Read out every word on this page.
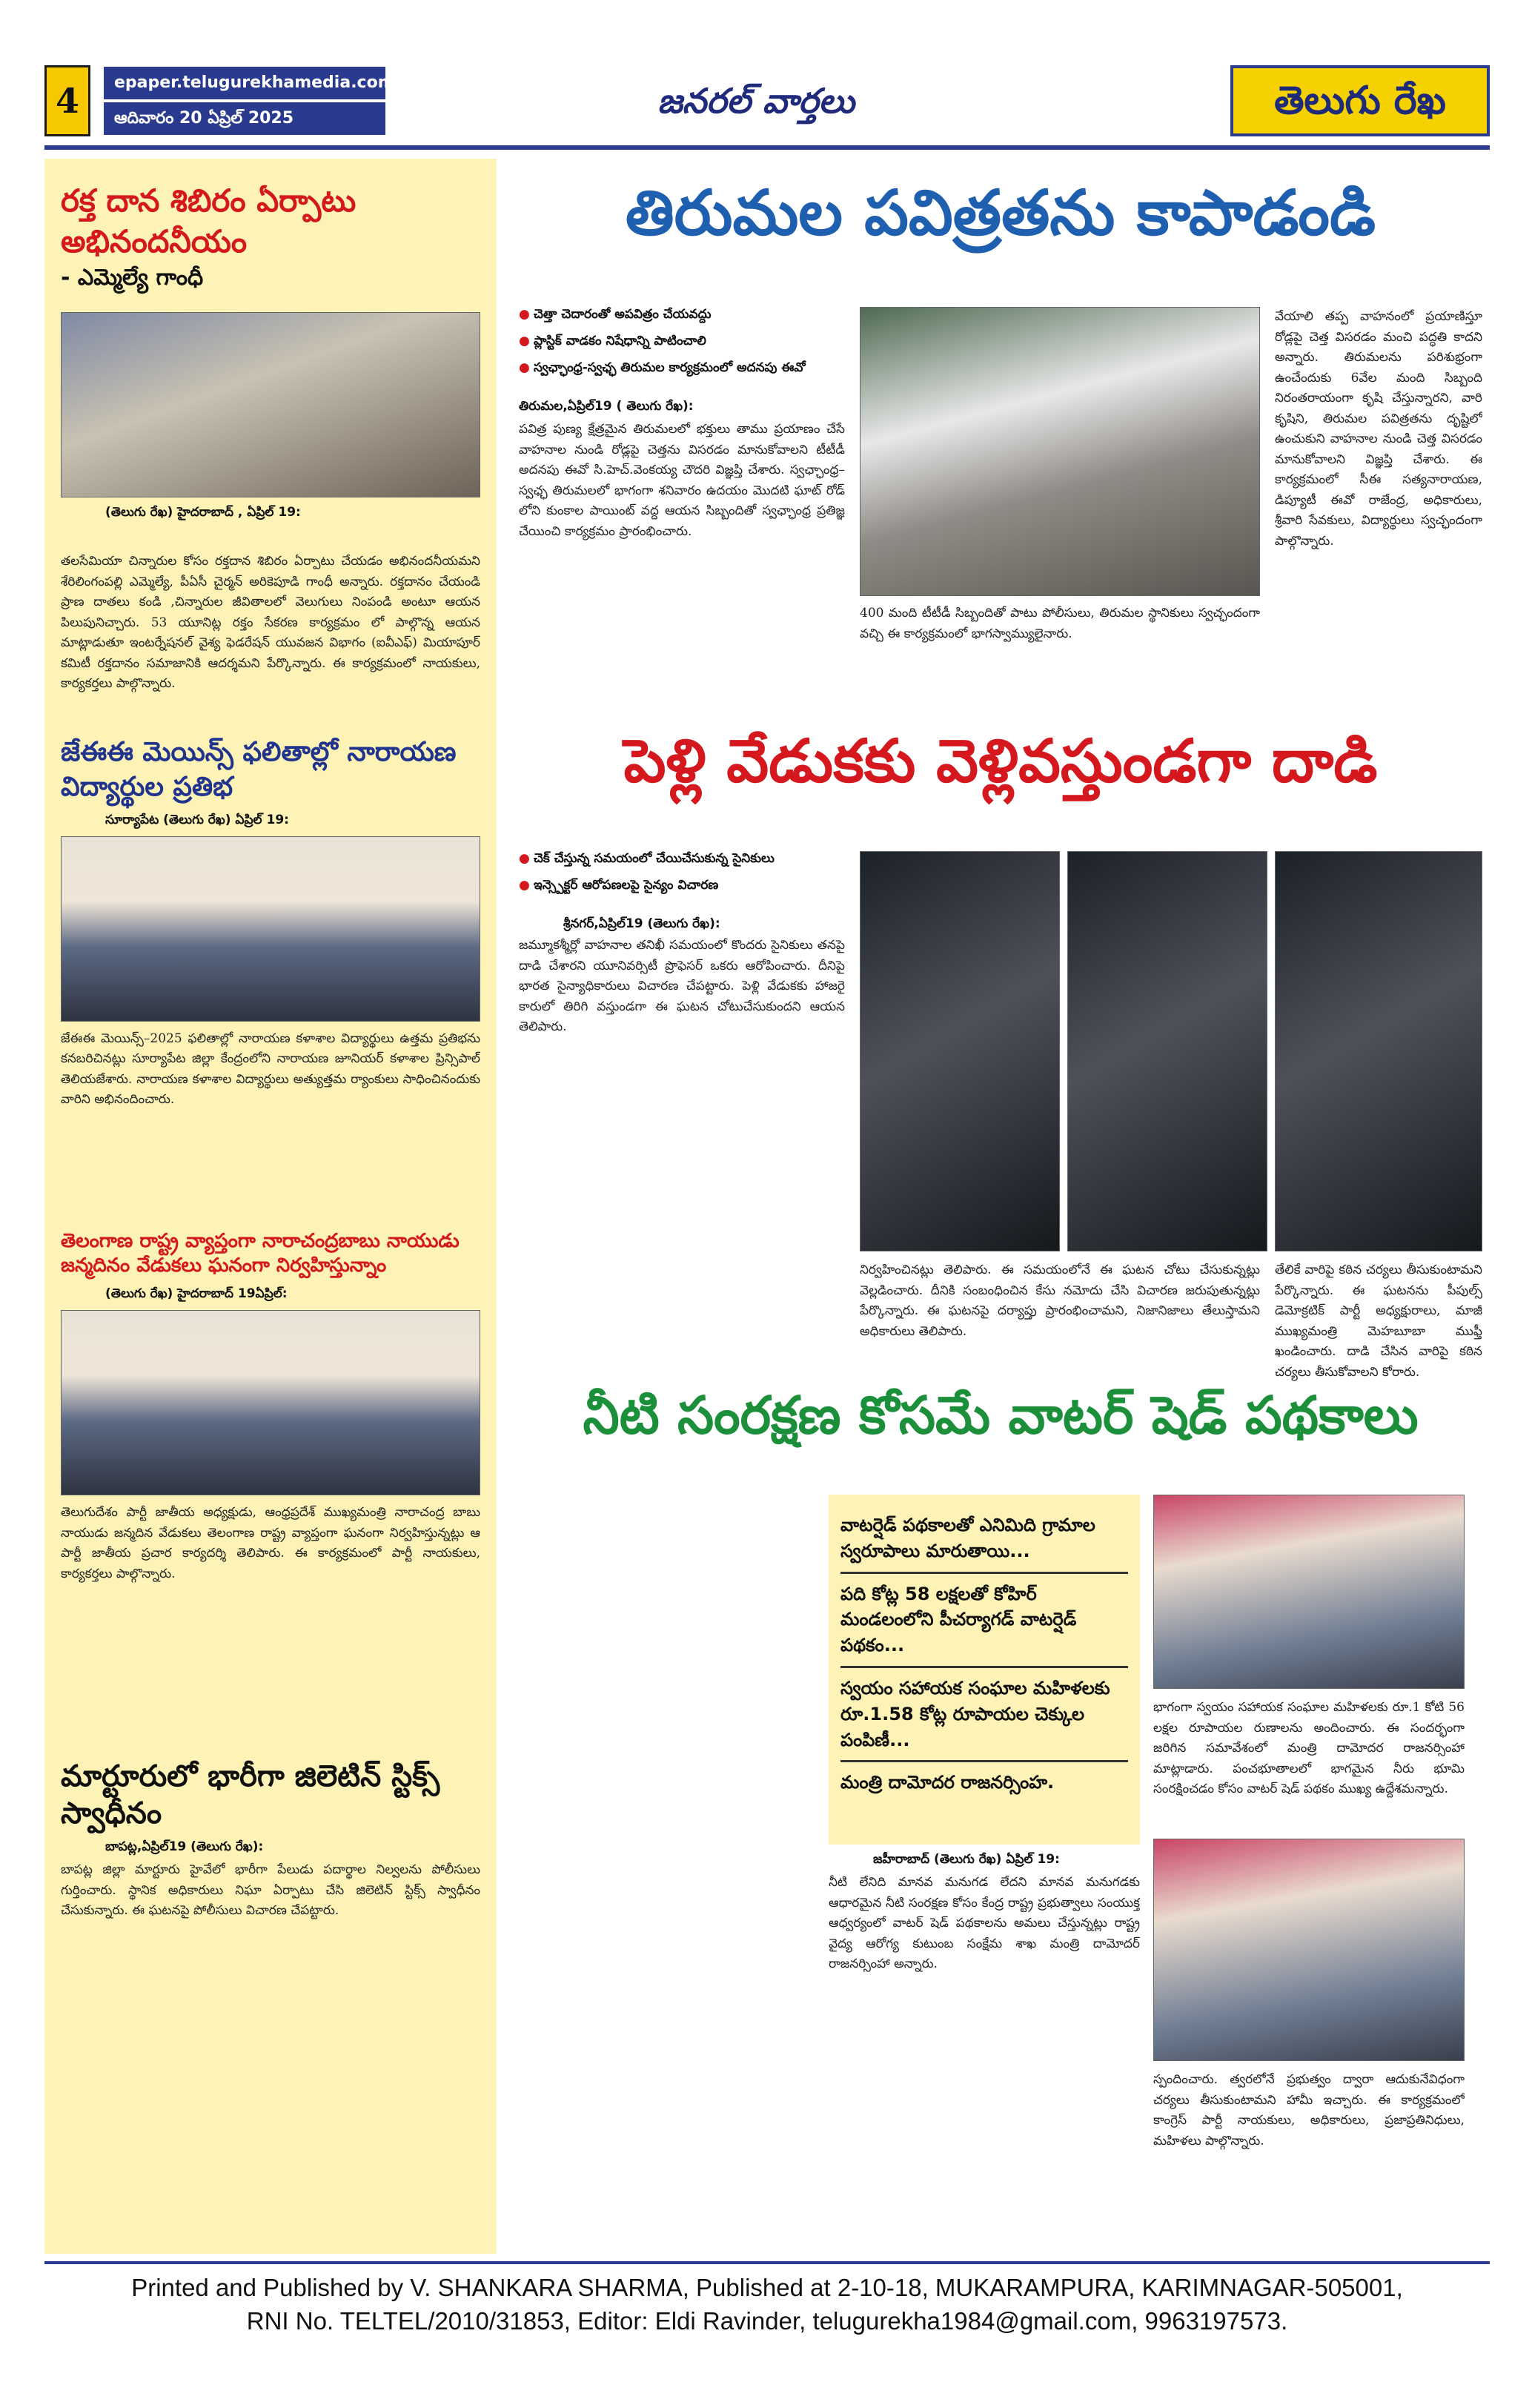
4	epaper.telugurekhamedia.com
ఆదివారం 20 ఏప్రిల్ 2025	జనరల్ వార్తలు	తెలుగు రేఖ
రక్త దాన శిబిరం ఏర్పాటు అభినందనీయం
- ఎమ్మెల్యే గాంధీ
(తెలుగు రేఖ) హైదరాబాద్ , ఏప్రిల్ 19:
తలసేమియా చిన్నారుల కోసం రక్తదాన శిబిరం ఏర్పాటు చేయడం అభినందనీయమని శేరిలింగంపల్లి ఎమ్మెల్యే, పీఏసీ చైర్మన్ అరికెపూడి గాంధీ అన్నారు. రక్తదానం చేయండి ప్రాణ దాతలు కండి ,చిన్నారుల జీవితాలలో వెలుగులు నింపండి అంటూ ఆయన పిలుపునిచ్చారు. 53 యూనిట్ల రక్తం సేకరణ కార్యక్రమం లో పాల్గొన్న ఆయన మాట్లాడుతూ ఇంటర్నేషనల్ వైశ్య ఫెడరేషన్ యువజన విభాగం (ఐవీఎఫ్) మియాపూర్ కమిటీ రక్తదానం సమాజానికి ఆదర్శమని పేర్కొన్నారు. ఈ కార్యక్రమంలో నాయకులు, కార్యకర్తలు పాల్గొన్నారు.
జేఈఈ మెయిన్స్ ఫలితాల్లో నారాయణ విద్యార్థుల ప్రతిభ
సూర్యాపేట (తెలుగు రేఖ) ఏప్రిల్ 19:
జేఈఈ మెయిన్స్–2025 ఫలితాల్లో నారాయణ కళాశాల విద్యార్థులు ఉత్తమ ప్రతిభను కనబరిచినట్లు సూర్యాపేట జిల్లా కేంద్రంలోని నారాయణ జూనియర్ కళాశాల ప్రిన్సిపాల్ తెలియజేశారు. నారాయణ కళాశాల విద్యార్థులు అత్యుత్తమ ర్యాంకులు సాధించినందుకు వారిని అభినందించారు.
తెలంగాణ రాష్ట్ర వ్యాప్తంగా నారాచంద్రబాబు నాయుడు జన్మదినం వేడుకలు ఘనంగా నిర్వహిస్తున్నాం
(తెలుగు రేఖ) హైదరాబాద్ 19ఏప్రిల్:
తెలుగుదేశం పార్టీ జాతీయ అధ్యక్షుడు, ఆంధ్రప్రదేశ్ ముఖ్యమంత్రి నారాచంద్ర బాబు నాయుడు జన్మదిన వేడుకలు తెలంగాణ రాష్ట్ర వ్యాప్తంగా ఘనంగా నిర్వహిస్తున్నట్లు ఆ పార్టీ జాతీయ ప్రచార కార్యదర్శి తెలిపారు. ఈ కార్యక్రమంలో పార్టీ నాయకులు, కార్యకర్తలు పాల్గొన్నారు.
మార్టూరులో భారీగా జిలెటిన్ స్టిక్స్ స్వాధీనం
బాపట్ల,ఏప్రిల్19 (తెలుగు రేఖ):
బాపట్ల జిల్లా మార్టూరు హైవేలో భారీగా పేలుడు పదార్థాల నిల్వలను పోలీసులు గుర్తించారు. స్థానిక అధికారులు నిఘా ఏర్పాటు చేసి జిలెటిన్ స్టిక్స్ స్వాధీనం చేసుకున్నారు. ఈ ఘటనపై పోలీసులు విచారణ చేపట్టారు.
తిరుమల పవిత్రతను కాపాడండి
● చెత్తా చెదారంతో అపవిత్రం చేయవద్దు
● ప్లాస్టిక్ వాడకం నిషేధాన్ని పాటించాలి
● స్వఛ్ఛాంధ్ర-స్వఛ్ఛ తిరుమల కార్యక్రమంలో అదనపు ఈవో
తిరుమల,ఏప్రిల్19 ( తెలుగు రేఖ):
పవిత్ర పుణ్య క్షేత్రమైన తిరుమలలో భక్తులు తాము ప్రయాణం చేసే వాహనాల నుండి రోడ్లపై చెత్తను విసరడం మానుకోవాలని టీటీడీ అదనపు ఈవో సి.హెచ్.వెంకయ్య చౌదరి విజ్ఞప్తి చేశారు. స్వఛ్ఛాంధ్ర–స్వఛ్ఛ తిరుమలలో భాగంగా శనివారం ఉదయం మొదటి ఘాట్ రోడ్ లోని కుంకాల పాయింట్ వద్ద ఆయన సిబ్బందితో స్వఛ్ఛాంధ్ర ప్రతిజ్ఞ చేయించి కార్యక్రమం ప్రారంభించారు.
400 మంది టీటీడీ సిబ్బందితో పాటు పోలీసులు, తిరుమల స్థానికులు స్వచ్ఛందంగా వచ్చి ఈ కార్యక్రమంలో భాగస్వామ్యులైనారు.
వేయాలి తప్ప వాహనంలో ప్రయాణిస్తూ రోడ్లపై చెత్త విసరడం మంచి పద్ధతి కాదని అన్నారు. తిరుమలను పరిశుభ్రంగా ఉంచేందుకు 6వేల మంది సిబ్బంది నిరంతరాయంగా కృషి చేస్తున్నారని, వారి కృషిని, తిరుమల పవిత్రతను దృష్టిలో ఉంచుకుని వాహనాల నుండి చెత్త విసరడం మానుకోవాలని విజ్ఞప్తి చేశారు. ఈ కార్యక్రమంలో సీఈ సత్యనారాయణ, డిప్యూటీ ఈవో రాజేంద్ర, అధికారులు, శ్రీవారి సేవకులు, విద్యార్థులు స్వచ్ఛందంగా పాల్గొన్నారు.
పెళ్లి వేడుకకు వెళ్లివస్తుండగా దాడి
● చెక్ చేస్తున్న సమయంలో చేయిచేసుకున్న సైనికులు
● ఇన్స్పెక్టర్ ఆరోపణలపై సైన్యం విచారణ
శ్రీనగర్,ఏప్రిల్19 (తెలుగు రేఖ):
జమ్మూకశ్మీర్లో వాహనాల తనిఖీ సమయంలో కొందరు సైనికులు తనపై దాడి చేశారని యూనివర్సిటీ ప్రొఫెసర్ ఒకరు ఆరోపించారు. దీనిపై భారత సైన్యాధికారులు విచారణ చేపట్టారు. పెళ్లి వేడుకకు హాజరై కారులో తిరిగి వస్తుండగా ఈ ఘటన చోటుచేసుకుందని ఆయన తెలిపారు.
నిర్వహించినట్లు తెలిపారు. ఈ సమయంలోనే ఈ ఘటన చోటు చేసుకున్నట్లు వెల్లడించారు. దీనికి సంబంధించిన కేసు నమోదు చేసి విచారణ జరుపుతున్నట్లు పేర్కొన్నారు. ఈ ఘటనపై దర్యాప్తు ప్రారంభించామని, నిజానిజాలు తేలుస్తామని అధికారులు తెలిపారు.
తేలికే వారిపై కఠిన చర్యలు తీసుకుంటామని పేర్కొన్నారు. ఈ ఘటనను పీపుల్స్ డెమోక్రటిక్ పార్టీ అధ్యక్షురాలు, మాజీ ముఖ్యమంత్రి మెహబూబా ముఫ్తీ ఖండించారు. దాడి చేసిన వారిపై కఠిన చర్యలు తీసుకోవాలని కోరారు.
నీటి సంరక్షణ కోసమే వాటర్ షెడ్ పథకాలు
వాటర్షెడ్ పథకాలతో ఎనిమిది గ్రామాల స్వరూపాలు మారుతాయి...
పది కోట్ల 58 లక్షలతో కోహిర్ మండలంలోని పీచర్యాగడ్ వాటర్షెడ్ పథకం...
స్వయం సహాయక సంఘాల మహిళలకు రూ.1.58 కోట్ల రూపాయల చెక్కుల పంపిణీ...
మంత్రి దామోదర రాజనర్సింహ.
జహీరాబాద్ (తెలుగు రేఖ) ఏప్రిల్ 19:
నీటి లేనిది మానవ మనుగడ లేదని మానవ మనుగడకు ఆధారమైన నీటి సంరక్షణ కోసం కేంద్ర రాష్ట్ర ప్రభుత్వాలు సంయుక్త ఆధ్వర్యంలో వాటర్ షెడ్ పథకాలను అమలు చేస్తున్నట్లు రాష్ట్ర వైద్య ఆరోగ్య కుటుంబ సంక్షేమ శాఖ మంత్రి దామోదర్ రాజనర్సింహా అన్నారు.
భాగంగా స్వయం సహాయక సంఘాల మహిళలకు రూ.1 కోటి 56 లక్షల రూపాయల రుణాలను అందించారు. ఈ సందర్భంగా జరిగిన సమావేశంలో మంత్రి దామోదర రాజనర్సింహా మాట్లాడారు. పంచభూతాలలో భాగమైన నీరు భూమి సంరక్షించడం కోసం వాటర్ షెడ్ పథకం ముఖ్య ఉద్దేశమన్నారు.
స్పందించారు. త్వరలోనే ప్రభుత్వం ద్వారా ఆదుకునేవిధంగా చర్యలు తీసుకుంటామని హామీ ఇచ్చారు. ఈ కార్యక్రమంలో కాంగ్రెస్ పార్టీ నాయకులు, అధికారులు, ప్రజాప్రతినిధులు, మహిళలు పాల్గొన్నారు.
Printed and Published by V. SHANKARA SHARMA, Published at 2-10-18, MUKARAMPURA, KARIMNAGAR-505001,
RNI No. TELTEL/2010/31853, Editor: Eldi Ravinder, telugurekha1984@gmail.com, 9963197573.
